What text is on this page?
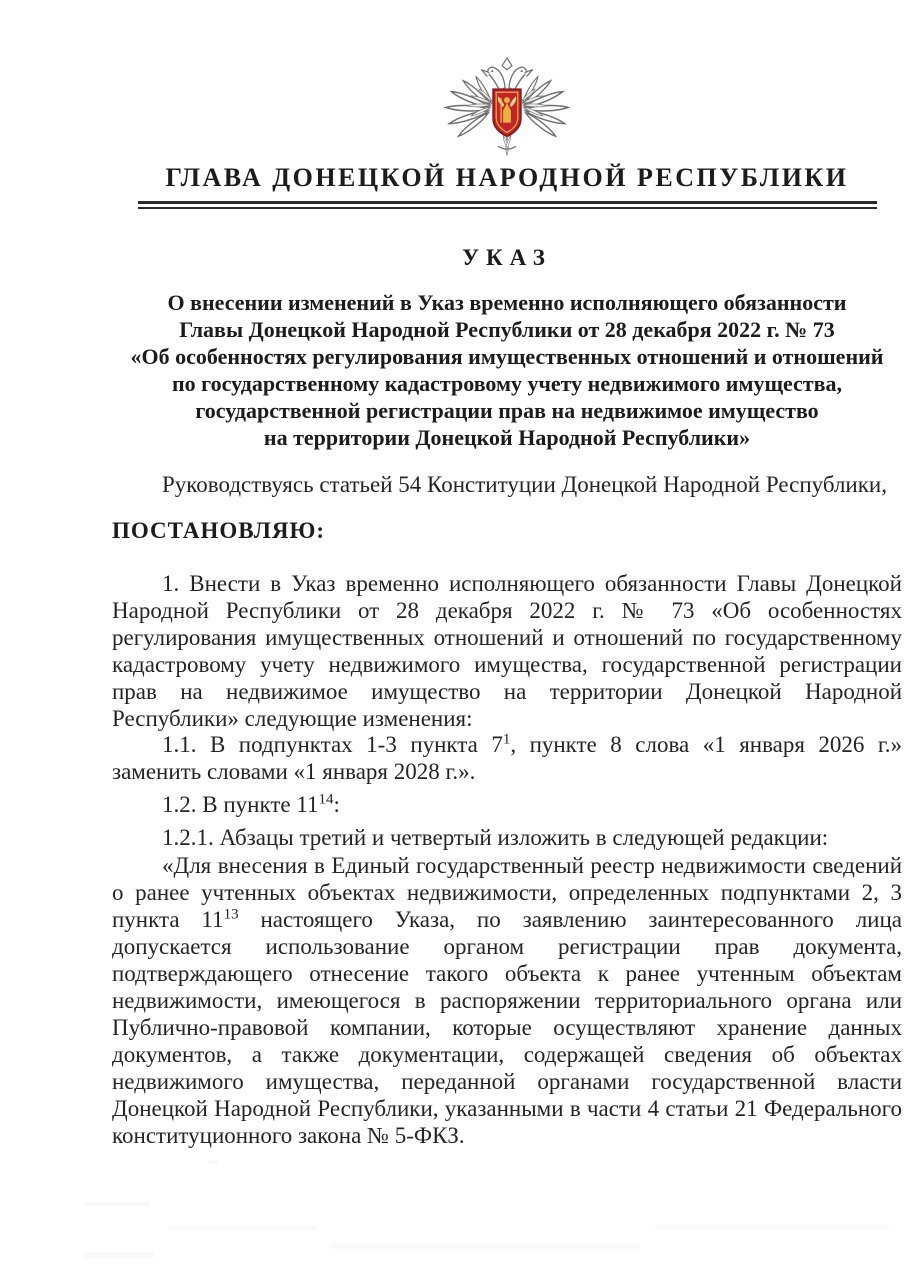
ГЛАВА ДОНЕЦКОЙ НАРОДНОЙ РЕСПУБЛИКИ
УКАЗ
О внесении изменений в Указ временно исполняющего обязанности
Главы Донецкой Народной Республики от 28 декабря 2022 г. № 73
«Об особенностях регулирования имущественных отношений и отношений
по государственному кадастровому учету недвижимого имущества,
государственной регистрации прав на недвижимое имущество
на территории Донецкой Народной Республики»

Руководствуясь статьей 54 Конституции Донецкой Народной Республики,

ПОСТАНОВЛЯЮ:

1. Внести в Указ временно исполняющего обязанности Главы Донецкой Народной Республики от 28 декабря 2022 г. № 73 «Об особенностях регулирования имущественных отношений и отношений по государственному кадастровому учету недвижимого имущества, государственной регистрации прав на недвижимое имущество на территории Донецкой Народной Республики» следующие изменения:

1.1. В подпунктах 1-3 пункта $7^1$, пункте 8 слова «1 января 2026 г.» заменить словами «1 января 2028 г.».

1.2. В пункте $11^{14}$:

1.2.1. Абзацы третий и четвертый изложить в следующей редакции:

«Для внесения в Единый государственный реестр недвижимости сведений о ранее учтенных объектах недвижимости, определенных подпунктами 2, 3 пункта $11^{13}$ настоящего Указа, по заявлению заинтересованного лица допускается использование органом регистрации прав документа, подтверждающего отнесение такого объекта к ранее учтенным объектам недвижимости, имеющегося в распоряжении территориального органа или Публично-правовой компании, которые осуществляют хранение данных документов, а также документации, содержащей сведения об объектах недвижимого имущества, переданной органами государственной власти Донецкой Народной Республики, указанными в части 4 статьи 21 Федерального конституционного закона № 5-ФКЗ.
